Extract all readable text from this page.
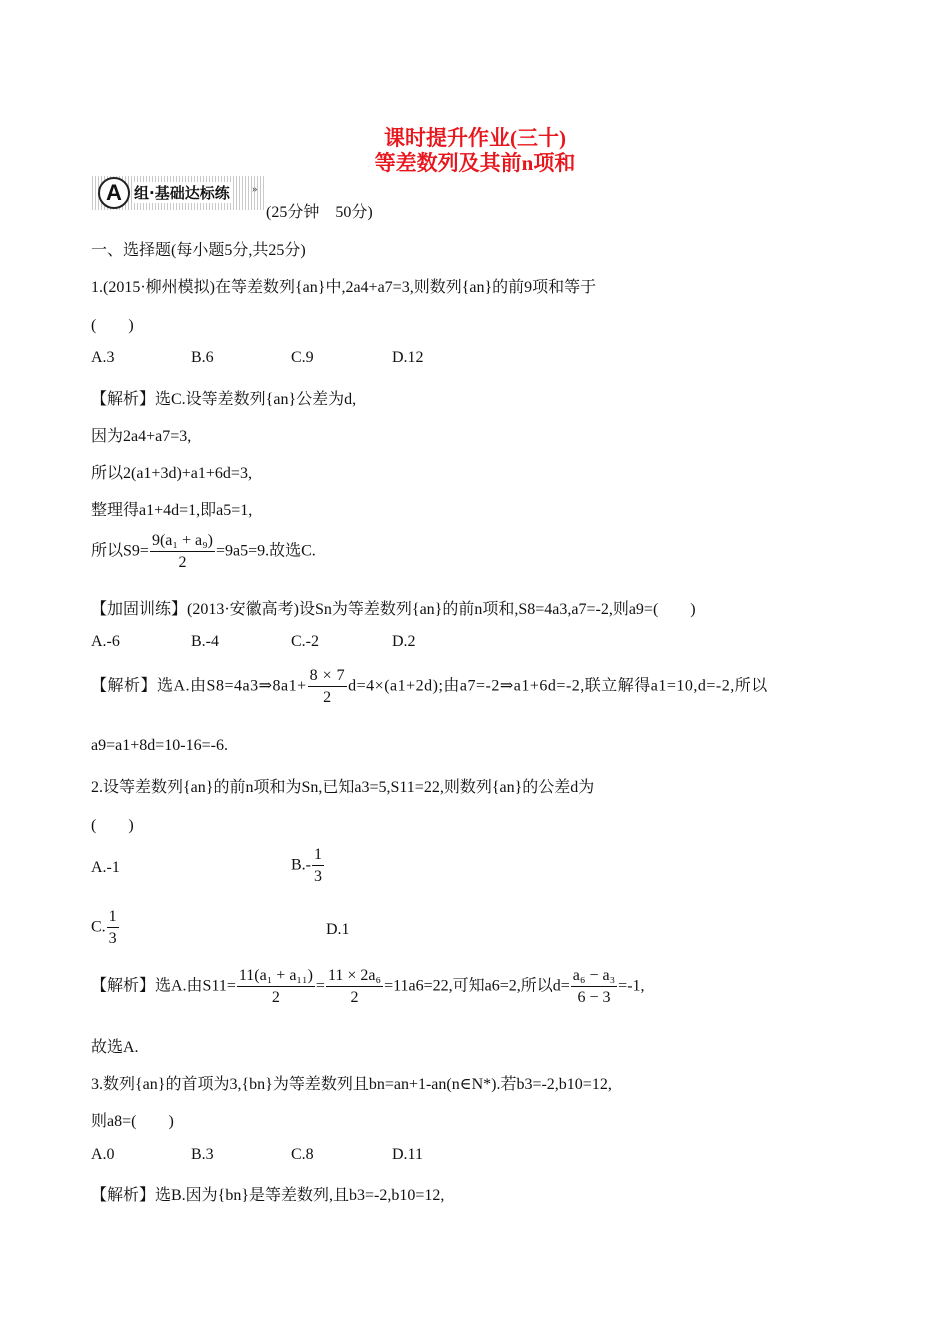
课时提升作业(三十)
等差数列及其前n项和
A 组·基础达标练 »
(25分钟　50分)
一、选择题(每小题5分,共25分)
1.(2015·柳州模拟)在等差数列{an}中,2a4+a7=3,则数列{an}的前9项和等于
(　　)
A.3	B.6	C.9	D.12
【解析】选C.设等差数列{an}公差为d,
因为2a4+a7=3,
所以2(a1+3d)+a1+6d=3,
整理得a1+4d=1,即a5=1,
所以$S9= \frac{\text{9(a₁ + a₉)}}{2} =9a5=9$.故选C.
【加固训练】(2013·安徽高考)设Sn为等差数列{an}的前n项和,S8=4a3,a7=-2,则a9=(　　)
A.-6	B.-4	C.-2	D.2
【解析】选A.由S8=4a3⇒8a1+ $\frac{8 \times 7}{2} d=4\times(a1+2d)$;由a7=-2⇒a1+6d=-2,联立解得a1=10,d=-2,所以
a9=a1+8d=10-16=-6.
2.设等差数列{an}的前n项和为Sn,已知a3=5,S11=22,则数列{an}的公差d为
(　　)
A.-1	$B.- \frac{1}{3}$
C. $\frac{1}{3}$	D.1
【解析】选A.由$S11= \frac{\text{11(a₁ + a₁₁)}}{2} = \frac{\text{11 × 2a₆}}{2} =11a6=22$,可知a6=2,所以$d= \frac{\text{a₆ − a₃}}{6 - 3} =-1$,
故选A.
3.数列{an}的首项为3,{bn}为等差数列且bn=an+1-an(n∈N*).若b3=-2,b10=12,
则a8=(　　)
A.0	B.3	C.8	D.11
【解析】选B.因为{bn}是等差数列,且b3=-2,b10=12,
